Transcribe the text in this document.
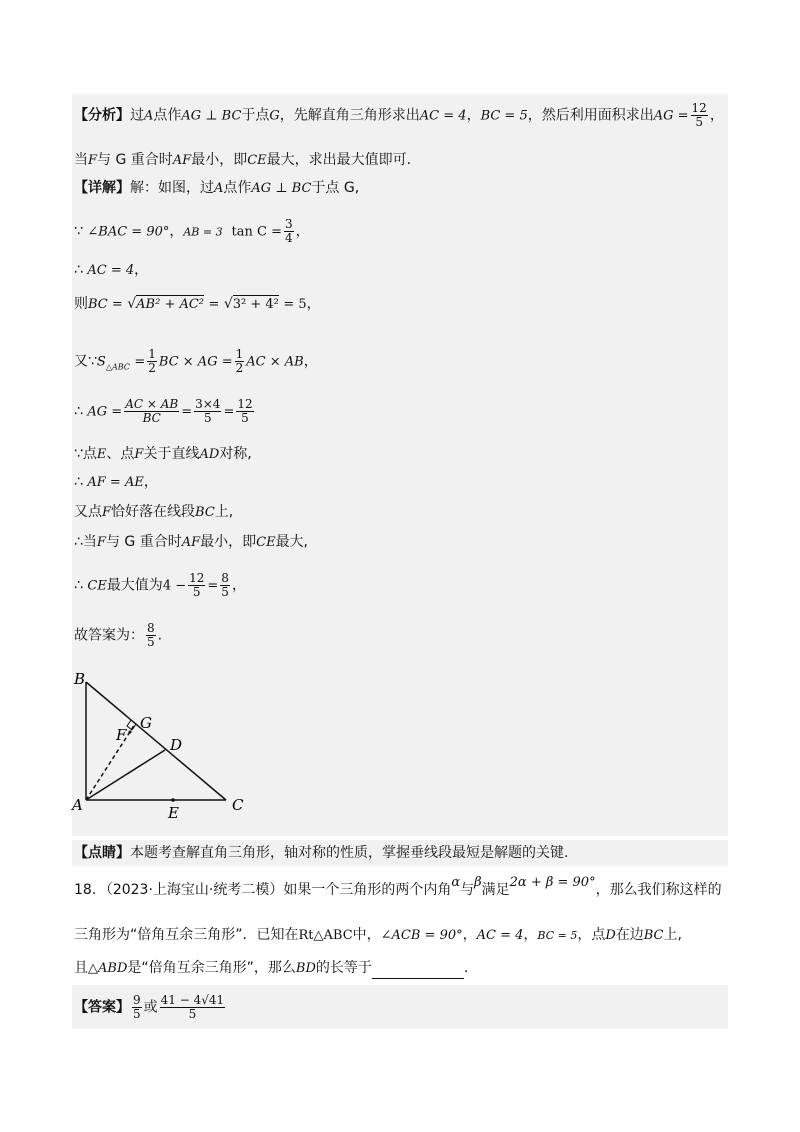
【分析】过A点作AG ⊥ BC于点G，先解直角三角形求出AC = 4，BC = 5，然后利用面积求出AG = $\frac{12}{5}$ ，
当F与 G 重合时AF最小，即CE最大，求出最大值即可.
【详解】解：如图，过A点作AG ⊥ BC于点 G,
∵ ∠BAC = 90°，AB = 3 $\tan C = \frac{3}{4}$ ，
∴ AC = 4，
则BC = √AB² + AC² = √3² + 4² = 5，
又$\because S_{\triangle ABC} = \frac{1}{2}$ BC × AG = $\frac{1}{2}$ AC × AB，
∴ AG = $\frac{AC \times AB}{BC} = \frac{3\times 4}{5} = \frac{12}{5}$
∵点E、点F关于直线AD对称,
∴ AF = AE，
又点F恰好落在线段BC上,
∴当F与 G 重合时AF最小，即CE最大,
∴ CE最大值为$4 - \frac{12}{5} = \frac{8}{5}$ ，
故答案为： $\frac{8}{5}$ .
B
G
F
D
A	E	C
【点睛】本题考查解直角三角形，轴对称的性质，掌握垂线段最短是解题的关键.
18．（2023·上海宝山·统考二模）如果一个三角形的两个内角α与β满足2α + β = 90°，那么我们称这样的
三角形为“倍角互余三角形”．已知在Rt△ABC中，∠ACB = 90°，AC = 4，BC = 5，点D在边BC上,
且△ABD是“倍角互余三角形”，那么BD的长等于	.
【答案】 $\frac{9}{5}$ 或 $\frac{41 - 4√41}{5}$
